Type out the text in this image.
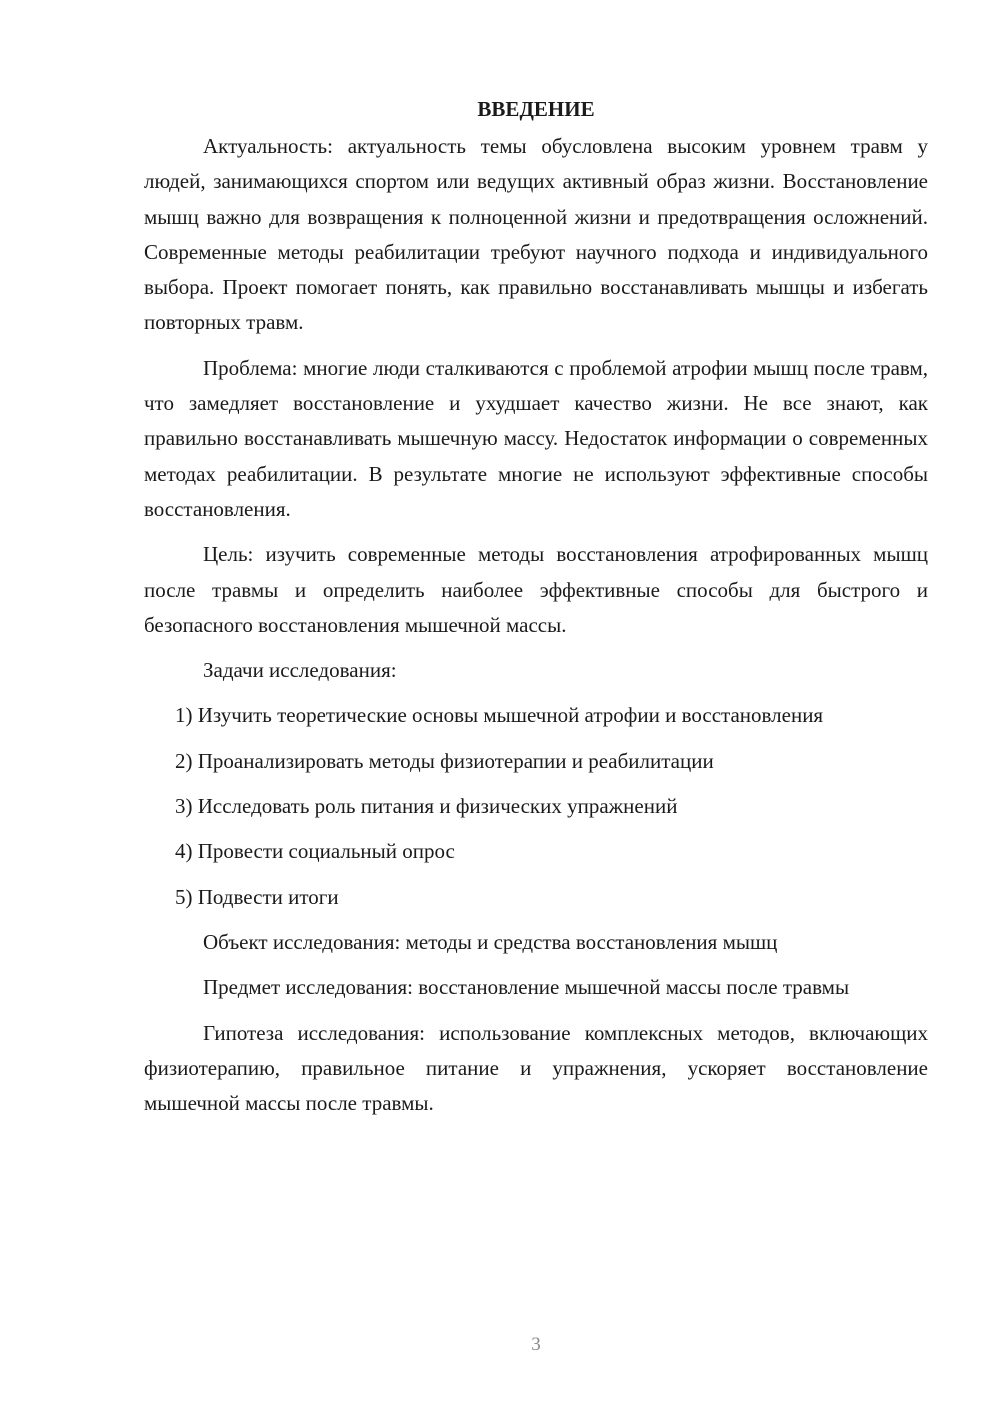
ВВЕДЕНИЕ

Актуальность: актуальность темы обусловлена высоким уровнем травм у людей, занимающихся спортом или ведущих активный образ жизни. Восстановление мышц важно для возвращения к полноценной жизни и предотвращения осложнений. Современные методы реабилитации требуют научного подхода и индивидуального выбора. Проект помогает понять, как правильно восстанавливать мышцы и избегать повторных травм.

Проблема: многие люди сталкиваются с проблемой атрофии мышц после травм, что замедляет восстановление и ухудшает качество жизни. Не все знают, как правильно восстанавливать мышечную массу. Недостаток информации о современных методах реабилитации. В результате многие не используют эффективные способы восстановления.

Цель: изучить современные методы восстановления атрофированных мышц после травмы и определить наиболее эффективные способы для быстрого и безопасного восстановления мышечной массы.

Задачи исследования:

1) Изучить теоретические основы мышечной атрофии и восстановления

2) Проанализировать методы физиотерапии и реабилитации

3) Исследовать роль питания и физических упражнений

4) Провести социальный опрос

5) Подвести итоги

Объект исследования: методы и средства восстановления мышц

Предмет исследования: восстановление мышечной массы после травмы

Гипотеза исследования: использование комплексных методов, включающих физиотерапию, правильное питание и упражнения, ускоряет восстановление мышечной массы после травмы.

3
